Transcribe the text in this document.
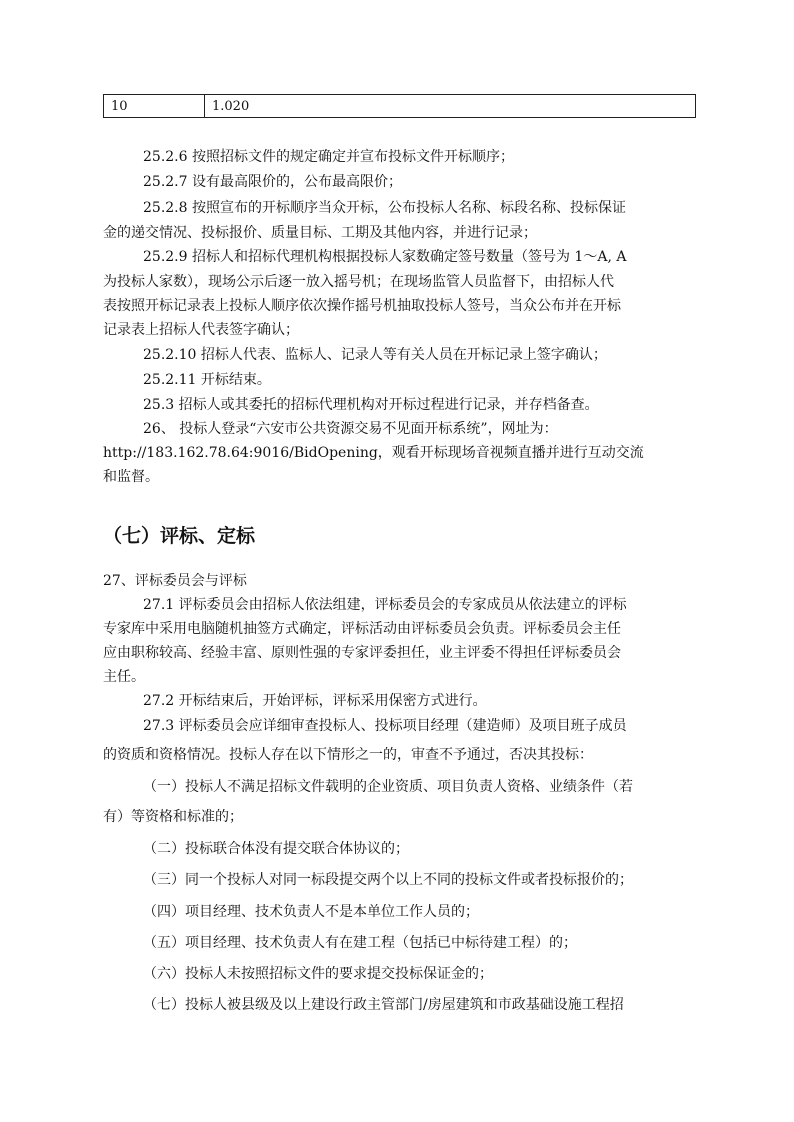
10	1.020
25.2.6 按照招标文件的规定确定并宣布投标文件开标顺序；
25.2.7 设有最高限价的，公布最高限价；
25.2.8 按照宣布的开标顺序当众开标，公布投标人名称、标段名称、投标保证
金的递交情况、投标报价、质量目标、工期及其他内容，并进行记录；
25.2.9 招标人和招标代理机构根据投标人家数确定签号数量（签号为 1～A, A
为投标人家数），现场公示后逐一放入摇号机；在现场监管人员监督下，由招标人代
表按照开标记录表上投标人顺序依次操作摇号机抽取投标人签号，当众公布并在开标
记录表上招标人代表签字确认；
25.2.10 招标人代表、监标人、记录人等有关人员在开标记录上签字确认；
25.2.11 开标结束。
25.3 招标人或其委托的招标代理机构对开标过程进行记录，并存档备查。
26、 投标人登录“六安市公共资源交易不见面开标系统”，网址为：
http://183.162.78.64:9016/BidOpening，观看开标现场音视频直播并进行互动交流
和监督。
（七）评标、定标
27、评标委员会与评标
27.1 评标委员会由招标人依法组建，评标委员会的专家成员从依法建立的评标
专家库中采用电脑随机抽签方式确定，评标活动由评标委员会负责。评标委员会主任
应由职称较高、经验丰富、原则性强的专家评委担任，业主评委不得担任评标委员会
主任。
27.2 开标结束后，开始评标，评标采用保密方式进行。
27.3 评标委员会应详细审查投标人、投标项目经理（建造师）及项目班子成员
的资质和资格情况。投标人存在以下情形之一的，审查不予通过，否决其投标：
（一）投标人不满足招标文件载明的企业资质、项目负责人资格、业绩条件（若
有）等资格和标准的；
（二）投标联合体没有提交联合体协议的；
（三）同一个投标人对同一标段提交两个以上不同的投标文件或者投标报价的；
（四）项目经理、技术负责人不是本单位工作人员的；
（五）项目经理、技术负责人有在建工程（包括已中标待建工程）的；
（六）投标人未按照招标文件的要求提交投标保证金的；
（七）投标人被县级及以上建设行政主管部门/房屋建筑和市政基础设施工程招
